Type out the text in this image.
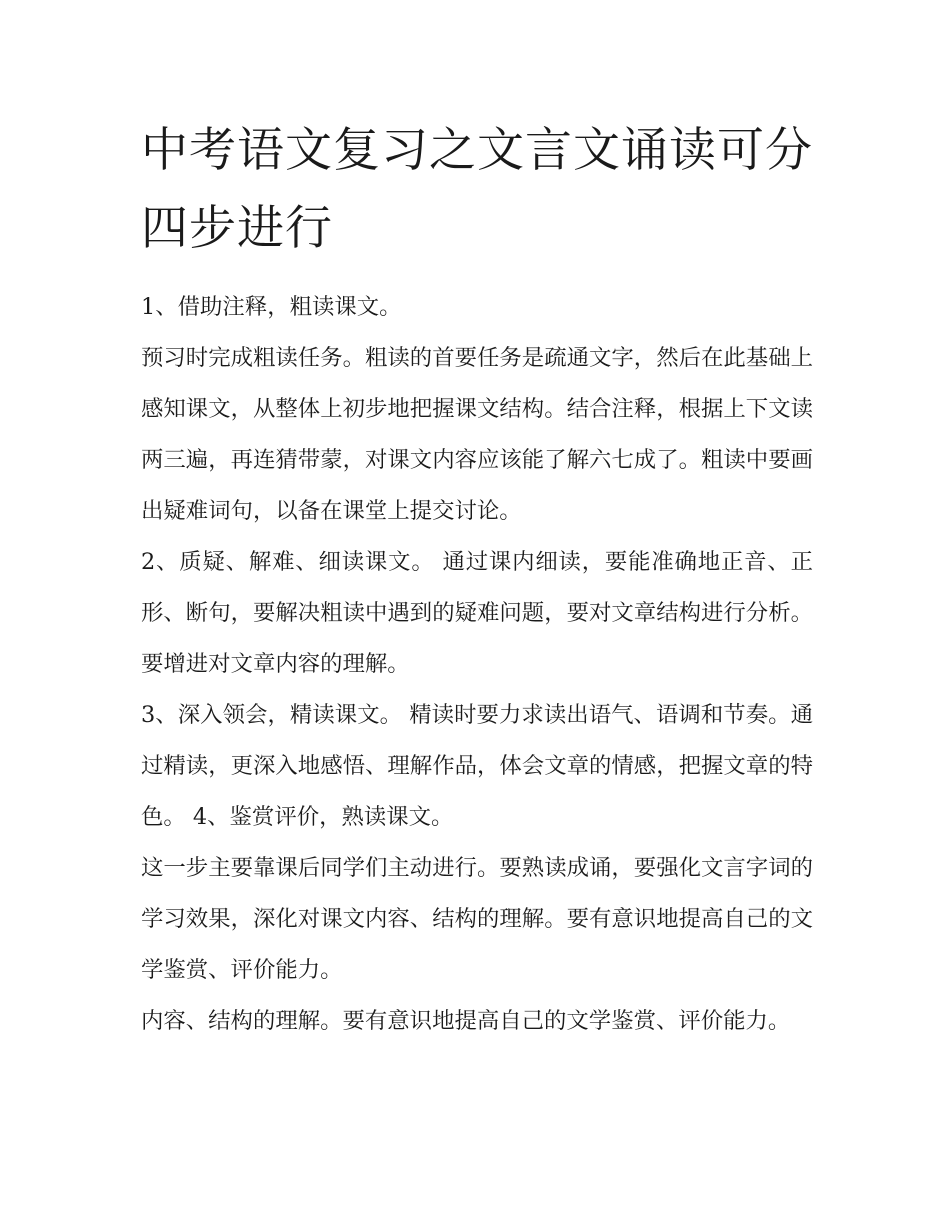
中考语文复习之文言文诵读可分四步进行

1、借助注释，粗读课文。

预习时完成粗读任务。粗读的首要任务是疏通文字，然后在此基础上感知课文，从整体上初步地把握课文结构。结合注释，根据上下文读两三遍，再连猜带蒙，对课文内容应该能了解六七成了。粗读中要画出疑难词句，以备在课堂上提交讨论。

2、质疑、解难、细读课文。 通过课内细读，要能准确地正音、正形、断句，要解决粗读中遇到的疑难问题，要对文章结构进行分析。要增进对文章内容的理解。

3、深入领会，精读课文。 精读时要力求读出语气、语调和节奏。通过精读，更深入地感悟、理解作品，体会文章的情感，把握文章的特色。 4、鉴赏评价，熟读课文。

这一步主要靠课后同学们主动进行。要熟读成诵，要强化文言字词的学习效果，深化对课文内容、结构的理解。要有意识地提高自己的文学鉴赏、评价能力。

内容、结构的理解。要有意识地提高自己的文学鉴赏、评价能力。
